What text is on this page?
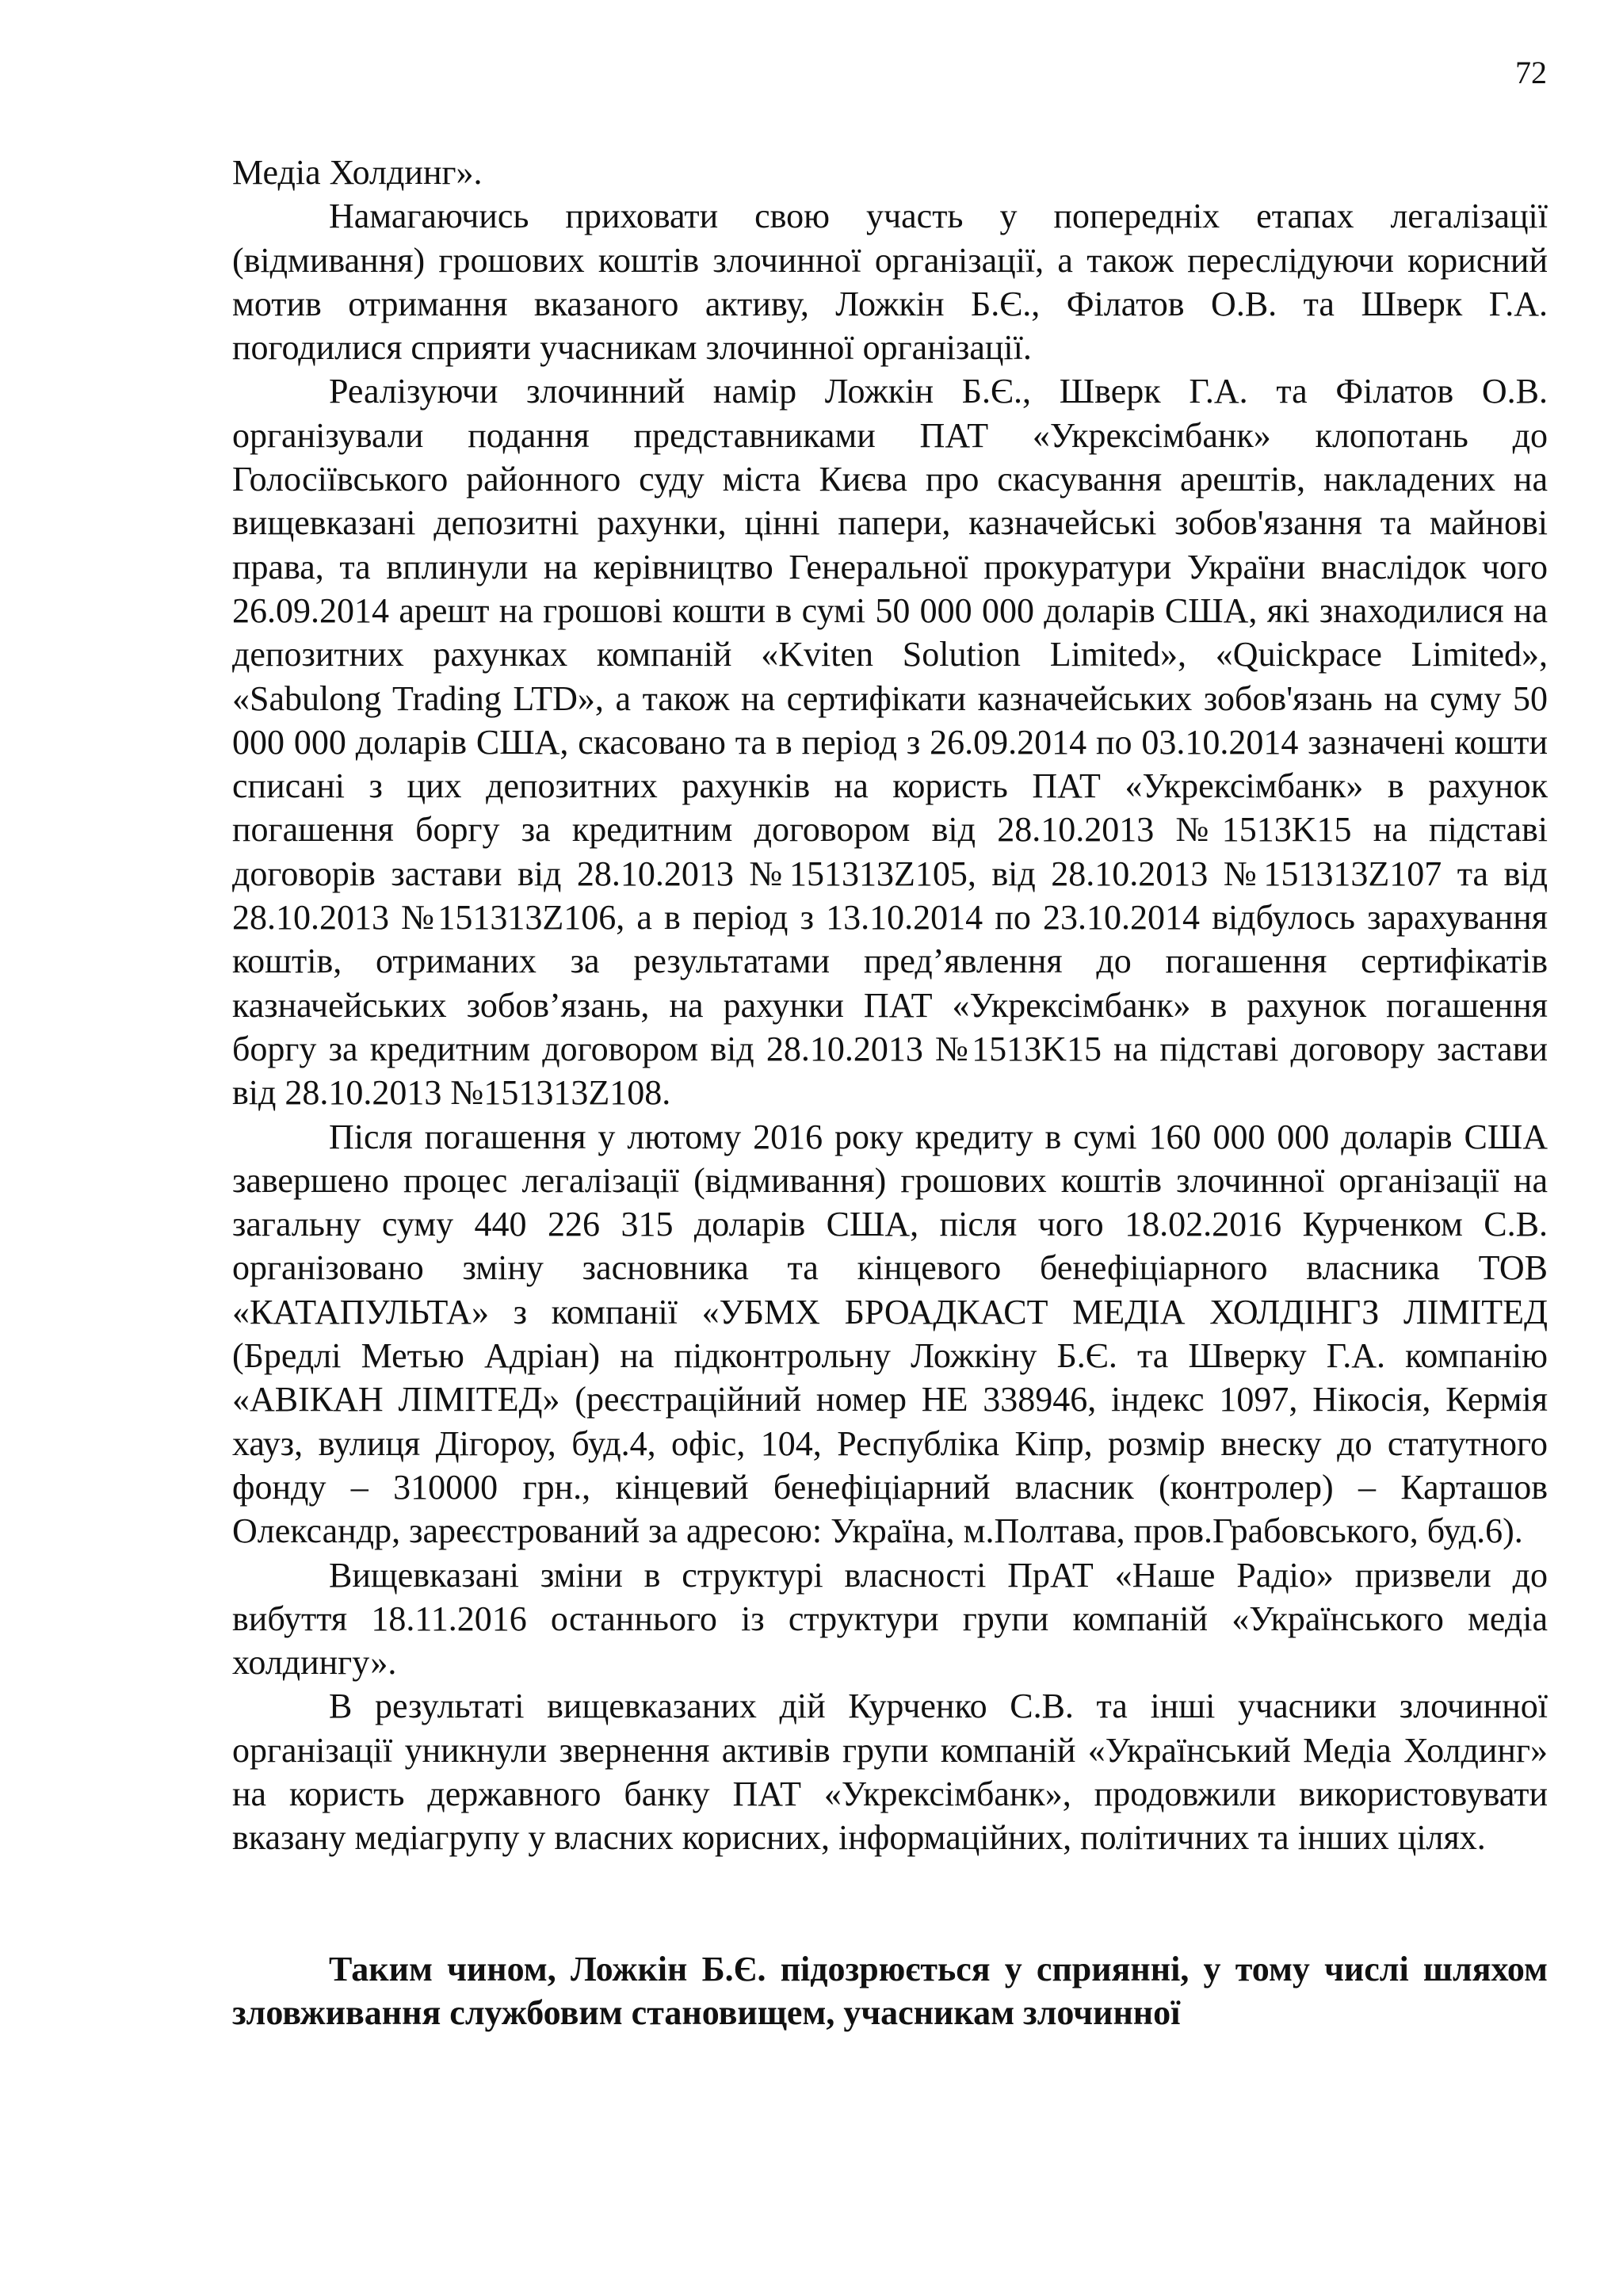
72

Медіа Холдинг».

Намагаючись приховати свою участь у попередніх етапах легалізації (відмивання) грошових коштів злочинної організації, а також переслідуючи корисний мотив отримання вказаного активу, Ложкін Б.Є., Філатов О.В. та Шверк Г.А. погодилися сприяти учасникам злочинної організації.

Реалізуючи злочинний намір Ложкін Б.Є., Шверк Г.А. та Філатов О.В. організували подання представниками ПАТ «Укрексімбанк» клопотань до Голосіївського районного суду міста Києва про скасування арештів, накладених на вищевказані депозитні рахунки, цінні папери, казначейські зобов'язання та майнові права, та вплинули на керівництво Генеральної прокуратури України внаслідок чого 26.09.2014 арешт на грошові кошти в сумі 50 000 000 доларів США, які знаходилися на депозитних рахунках компаній «Kviten Solution Limited», «Quickpace Limited», «Sabulong Trading LTD», а також на сертифікати казначейських зобов'язань на суму 50 000 000 доларів США, скасовано та в період з 26.09.2014 по 03.10.2014 зазначені кошти списані з цих депозитних рахунків на користь ПАТ «Укрексімбанк» в рахунок погашення боргу за кредитним договором від 28.10.2013 №1513K15 на підставі договорів застави від 28.10.2013 №151313Z105, від 28.10.2013 №151313Z107 та від 28.10.2013 №151313Z106, а в період з 13.10.2014 по 23.10.2014 відбулось зарахування коштів, отриманих за результатами пред’явлення до погашення сертифікатів казначейських зобов’язань, на рахунки ПАТ «Укрексімбанк» в рахунок погашення боргу за кредитним договором від 28.10.2013 №1513K15 на підставі договору застави від 28.10.2013 №151313Z108.

Після погашення у лютому 2016 року кредиту в сумі 160 000 000 доларів США завершено процес легалізації (відмивання) грошових коштів злочинної організації на загальну суму 440 226 315 доларів США, після чого 18.02.2016 Курченком С.В. організовано зміну засновника та кінцевого бенефіціарного власника ТОВ «КАТАПУЛЬТА» з компанії «УБМХ БРОАДКАСТ МЕДІА ХОЛДІНГЗ ЛІМІТЕД (Бредлі Метью Адріан) на підконтрольну Ложкіну Б.Є. та Шверку Г.А. компанію «АВІКАН ЛІМІТЕД» (реєстраційний номер HE 338946, індекс 1097, Нікосія, Кермія хауз, вулиця Дігороу, буд.4, офіс, 104, Республіка Кіпр, розмір внеску до статутного фонду – 310000 грн., кінцевий бенефіціарний власник (контролер) – Карташов Олександр, зареєстрований за адресою: Україна, м.Полтава, пров.Грабовського, буд.6).

Вищевказані зміни в структурі власності ПрАТ «Наше Радіо» призвели до вибуття 18.11.2016 останнього із структури групи компаній «Українського медіа холдингу».

В результаті вищевказаних дій Курченко С.В. та інші учасники злочинної організації уникнули звернення активів групи компаній «Український Медіа Холдинг» на користь державного банку ПАТ «Укрексімбанк», продовжили використовувати вказану медіагрупу у власних корисних, інформаційних, політичних та інших цілях.

Таким чином, Ложкін Б.Є. підозрюється у сприянні, у тому числі шляхом зловживання службовим становищем, учасникам злочинної
